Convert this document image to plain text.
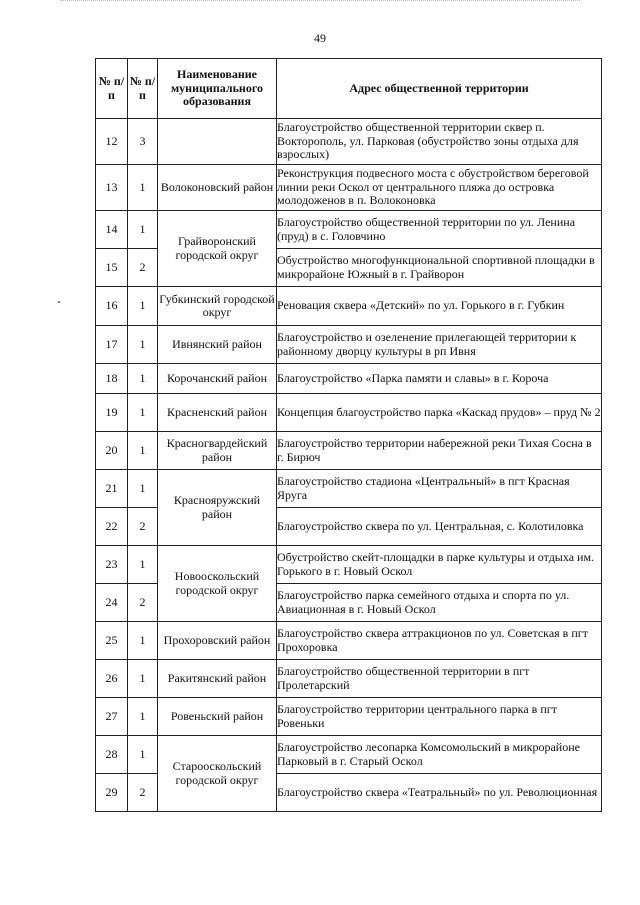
49
№ п/п	№ п/п	Наименование муниципального образования	Адрес общественной территории
12	3		Благоустройство общественной территории сквер п. Вокторополь, ул. Парковая (обустройство зоны отдыха для взрослых)
13	1	Волоконовский район	Реконструкция подвесного моста с обустройством береговой линии реки Оскол от центрального пляжа до островка молодоженов в п. Волоконовка
14	1	Грайворонский городской округ	Благоустройство общественной территории по ул. Ленина (пруд) в с. Головчино
15	2		Обустройство многофункциональной спортивной площадки в микрорайоне Южный в г. Грайворон
16	1	Губкинский городской округ	Реновация сквера «Детский» по ул. Горького в г. Губкин
17	1	Ивнянский район	Благоустройство и озеленение прилегающей территории к районному дворцу культуры в рп Ивня
18	1	Корочанский район	Благоустройство «Парка памяти и славы» в г. Короча
19	1	Красненский район	Концепция благоустройство парка «Каскад прудов» – пруд № 2
20	1	Красногвардейский район	Благоустройство территории набережной реки Тихая Сосна в г. Бирюч
21	1	Краснояружский район	Благоустройство стадиона «Центральный» в пгт Красная Яруга
22	2		Благоустройство сквера по ул. Центральная, с. Колотиловка
23	1	Новооскольский городской округ	Обустройство скейт-площадки в парке культуры и отдыха им. Горького в г. Новый Оскол
24	2		Благоустройство парка семейного отдыха и спорта по ул. Авиационная в г. Новый Оскол
25	1	Прохоровский район	Благоустройство сквера аттракционов по ул. Советская в пгт Прохоровка
26	1	Ракитянский район	Благоустройство общественной территории в пгт Пролетарский
27	1	Ровеньский район	Благоустройство территории центрального парка в пгт Ровеньки
28	1	Старооскольский городской округ	Благоустройство лесопарка Комсомольский в микрорайоне Парковый в г. Старый Оскол
29	2		Благоустройство сквера «Театральный» по ул. Революционная
